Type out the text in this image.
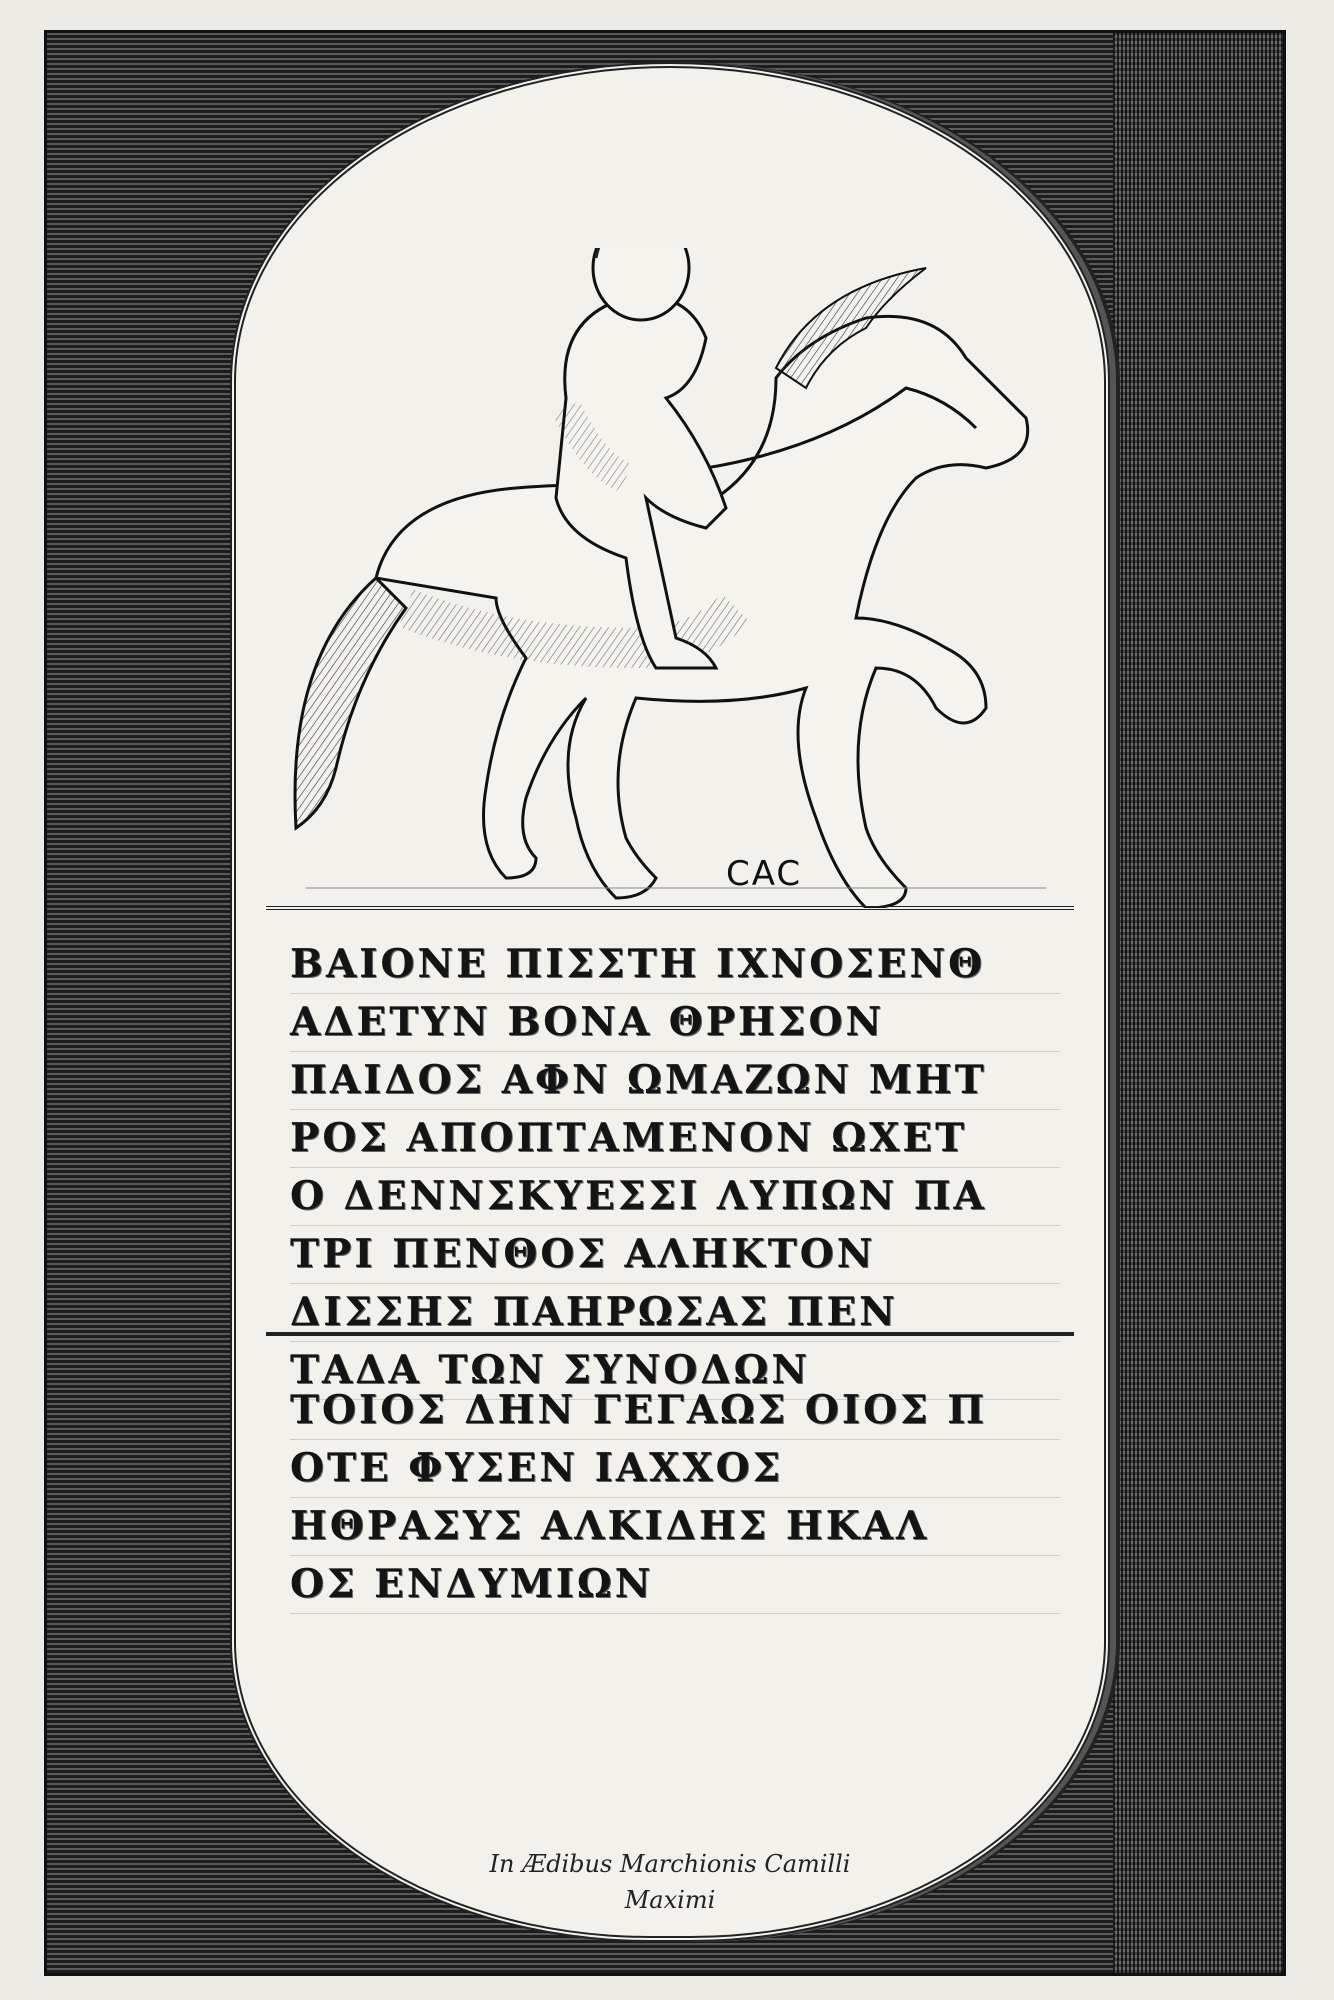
CAC
ΒΑΙΟΝΕ ΠΙΣΣΤΗ ΙΧΝΟΣΕΝΘ
ΑΔΕΤΥΝ ΒΟΝΑ ΘΡΗΣΟΝ
ΠΑΙΔΟΣ ΑΦΝ ΩΜΑΖΩΝ ΜΗΤ
ΡΟΣ ΑΠΟΠΤΑΜΕΝΟΝ ΩΧΕΤ
Ο ΔΕΝΝΣΚΥΕΣΣΙ ΛΥΠΩΝ ΠΑ
ΤΡΙ ΠΕΝΘΟΣ ΑΛΗΚΤΟΝ
ΔΙΣΣΗΣ ΠΑΗΡΩΣΑΣ ΠΕΝ
ΤΑΔΑ ΤΩΝ ΣΥΝΟΔΩΝ
ΤΟΙΟΣ ΔΗΝ ΓΕΓΑΩΣ ΟΙΟΣ Π
ΟΤΕ ΦΥΣΕΝ ΙΑΧΧΟΣ
ΗΘΡΑΣΥΣ ΑΛΚΙΔΗΣ ΗΚΑΛ
ΟΣ ΕΝΔΥΜΙΩΝ
In Ædibus Marchionis Camilli
Maximi
